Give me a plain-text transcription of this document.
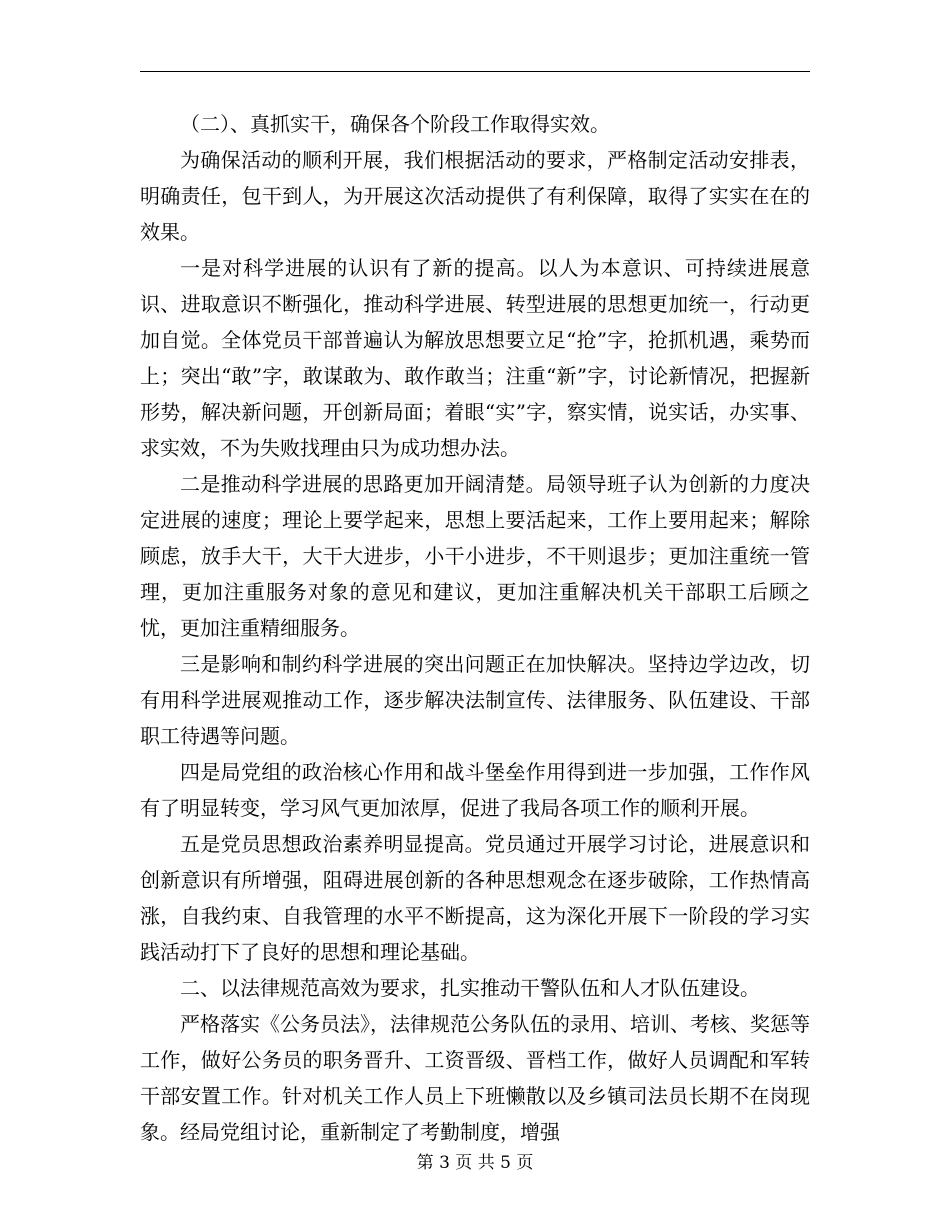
（二）、真抓实干，确保各个阶段工作取得实效。

为确保活动的顺利开展，我们根据活动的要求，严格制定活动安排表，明确责任，包干到人，为开展这次活动提供了有利保障，取得了实实在在的效果。

一是对科学进展的认识有了新的提高。以人为本意识、可持续进展意识、进取意识不断强化，推动科学进展、转型进展的思想更加统一，行动更加自觉。全体党员干部普遍认为解放思想要立足“抢”字，抢抓机遇，乘势而上；突出“敢”字，敢谋敢为、敢作敢当；注重“新”字，讨论新情况，把握新形势，解决新问题，开创新局面；着眼“实”字，察实情，说实话，办实事、求实效，不为失败找理由只为成功想办法。

二是推动科学进展的思路更加开阔清楚。局领导班子认为创新的力度决定进展的速度；理论上要学起来，思想上要活起来，工作上要用起来；解除顾虑，放手大干，大干大进步，小干小进步，不干则退步；更加注重统一管理，更加注重服务对象的意见和建议，更加注重解决机关干部职工后顾之忧，更加注重精细服务。

三是影响和制约科学进展的突出问题正在加快解决。坚持边学边改，切有用科学进展观推动工作，逐步解决法制宣传、法律服务、队伍建设、干部职工待遇等问题。

四是局党组的政治核心作用和战斗堡垒作用得到进一步加强，工作作风有了明显转变，学习风气更加浓厚，促进了我局各项工作的顺利开展。

五是党员思想政治素养明显提高。党员通过开展学习讨论，进展意识和创新意识有所增强，阻碍进展创新的各种思想观念在逐步破除，工作热情高涨，自我约束、自我管理的水平不断提高，这为深化开展下一阶段的学习实践活动打下了良好的思想和理论基础。

二、以法律规范高效为要求，扎实推动干警队伍和人才队伍建设。

严格落实《公务员法》，法律规范公务队伍的录用、培训、考核、奖惩等工作，做好公务员的职务晋升、工资晋级、晋档工作，做好人员调配和军转干部安置工作。针对机关工作人员上下班懒散以及乡镇司法员长期不在岗现象。经局党组讨论，重新制定了考勤制度，增强

第 3 页 共 5 页
